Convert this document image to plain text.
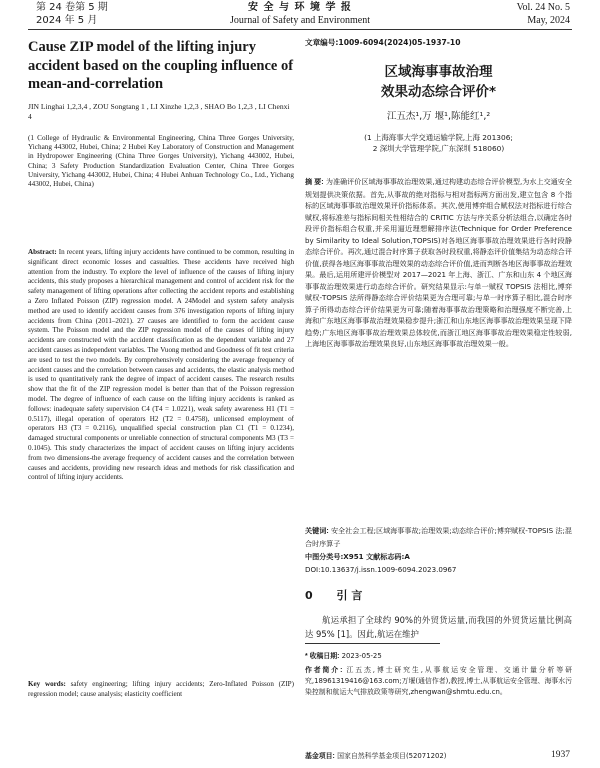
第 24 卷第 5 期
2024 年 5 月
安 全 与 环 境 学 报
Journal of Safety and Environment
Vol. 24 No. 5
May, 2024
Cause ZIP model of the lifting injury accident based on the coupling influence of mean-and-correlation

JIN Linghai 1,2,3,4 , ZOU Songtang 1 , LI Xinzhe 1,2,3 , SHAO Bo 1,2,3 , LI Chenxi 4

(1 College of Hydraulic & Environmental Engineering, China Three Gorges University, Yichang 443002, Hubei, China; 2 Hubei Key Laboratory of Construction and Management in Hydropower Engineering (China Three Gorges University), Yichang 443002, Hubei, China; 3 Safety Production Standardization Evaluation Center, China Three Gorges University, Yichang 443002, Hubei, China; 4 Hubei Anhuan Technology Co., Ltd., Yichang 443002, Hubei, China)

Abstract: In recent years, lifting injury accidents have continued to be common, resulting in significant direct economic losses and casualties. These accidents have received high attention from the industry. To explore the level of influence of the causes of lifting injury accidents, this study proposes a hierarchical management and control of accident risk for the safety management of lifting operations after collecting the accident reports and establishing a Zero Inflated Poisson (ZIP) regression model. A 24Model and system safety analysis method are used to identify accident causes from 376 investigation reports of lifting injury accidents from China (2011–2021). 27 causes are identified to form the accident cause system. The Poisson model and the ZIP regression model of the causes of lifting injury accidents are constructed with the accident classification as the dependent variable and 27 accident causes as independent variables. The Vuong method and Goodness of fit test criteria are used to test the two models. By comprehensively considering the average frequency of accident causes and the correlation between causes and accidents, the elastic analysis method is used to quantitatively rank the degree of impact of accident causes. The research results show that the fit of the ZIP regression model is better than that of the Poisson regression model. The degree of influence of each cause on the lifting injury accidents is ranked as follows: inadequate safety supervision C4 (T4 = 1.0221), weak safety awareness H1 (T1 = 0.5117), illegal operation of operators H2 (T2 = 0.4758), unlicensed employment of operators H3 (T3 = 0.2116), unqualified special construction plan C1 (T1 = 0.1234), damaged structural components or unreliable connection of structural components M3 (T3 = 0.1045). This study characterizes the impact of accident causes on lifting injury accidents from two dimensions-the average frequency of accident causes and the correlation between causes and accidents, providing new research ideas and methods for risk classification and control of lifting injury accidents.

Key words: safety engineering; lifting injury accidents; Zero-Inflated Poisson (ZIP) regression model; cause analysis; elasticity coefficient

文章编号:1009-6094(2024)05-1937-10
区域海事事故治理
效果动态综合评价*
江五杰¹,万 堰¹,陈能红¹,²
(1 上海海事大学交通运输学院,上海 201306;
2 深圳大学管理学院,广东深圳 518060)

摘 要: 为准确评价区域海事事故治理效果,通过构建动态综合评价模型,为水上交通安全规划提供决策依据。首先,从事故的绝对指标与相对指标两方面出发,建立包含 8 个指标的区域海事事故治理效果评价指标体系。其次,使用博弈组合赋权法对指标进行综合赋权,将标准差与指标间相关性相结合的 CRITIC 方法与序关系分析法组合,以确定各时段评价指标组合权重,并采用逼近理想解排序法(Technique for Order Preference by Similarity to Ideal Solution,TOPSIS)对各地区海事事故治理效果进行各时段静态综合评价。再次,通过混合时序算子获取各时段权重,将静态评价值集结为动态综合评价值,获得各地区海事事故治理效果的动态综合评价值,进而判断各地区海事事故治理效果。最后,运用所建评价模型对 2017—2021 年上海、浙江、广东和山东 4 个地区海事事故治理效果进行动态综合评价。研究结果显示:与单一赋权 TOPSIS 法相比,博弈赋权-TOPSIS 法所得静态综合评价结果更为合理可靠;与单一时序算子相比,混合时序算子所得动态综合评价结果更为可靠;随着海事事故治理策略和治理强度不断完善,上海和广东地区海事事故治理效果稳步提升;浙江和山东地区海事事故治理效果呈现下降趋势;广东地区海事事故治理效果总体较优,而浙江地区海事事故治理效果稳定性较弱,上海地区海事事故治理效果良好,山东地区海事事故治理效果一般。

关键词: 安全社会工程;区域海事事故;治理效果;动态综合评价;博弈赋权-TOPSIS 法;混合时序算子

中图分类号:X951 文献标志码:A
DOI:10.13637/j.issn.1009-6094.2023.0967
0 引 言

航运承担了全球约 90%的外贸货运量,而我国的外贸货运量比例高达 95% [1]。因此,航运在维护

* 收稿日期: 2023-05-25

作者简介: 江五杰,博士研究生,从事航运安全管理、交通计量分析等研究,18961319416@163.com;万堰(通信作者),教授,博士,从事航运安全管理、海事水污染控制和航运大气排放政策等研究,zhengwan@shmtu.edu.cn。

基金项目: 国家自然科学基金项目(52071202)	1937
